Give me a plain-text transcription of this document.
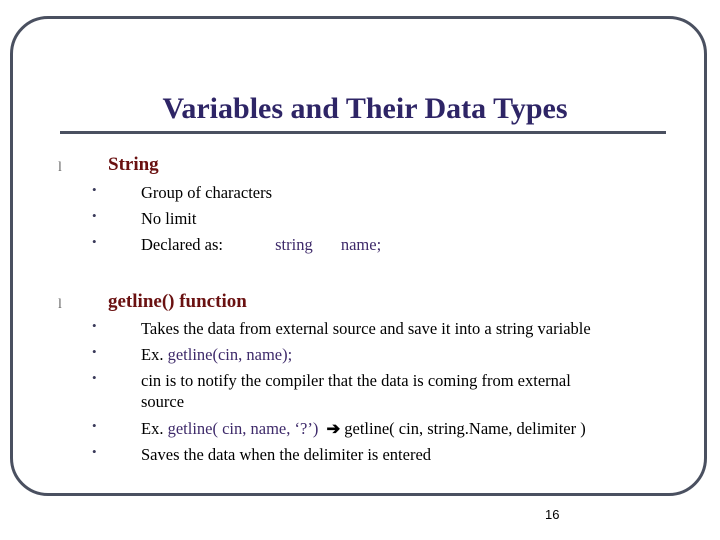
Variables and Their Data Types
l String
•	Group of characters
•	No limit
•	Declared as:	string name;
l getline() function
•	Takes the data from external source and save it into a string variable
•	Ex. getline(cin, name);
•	cin is to notify the compiler that the data is coming from external
source
•	Ex. getline( cin, name, ‘?’) ➔ getline( cin, string.Name, delimiter )
•	Saves the data when the delimiter is entered
16
